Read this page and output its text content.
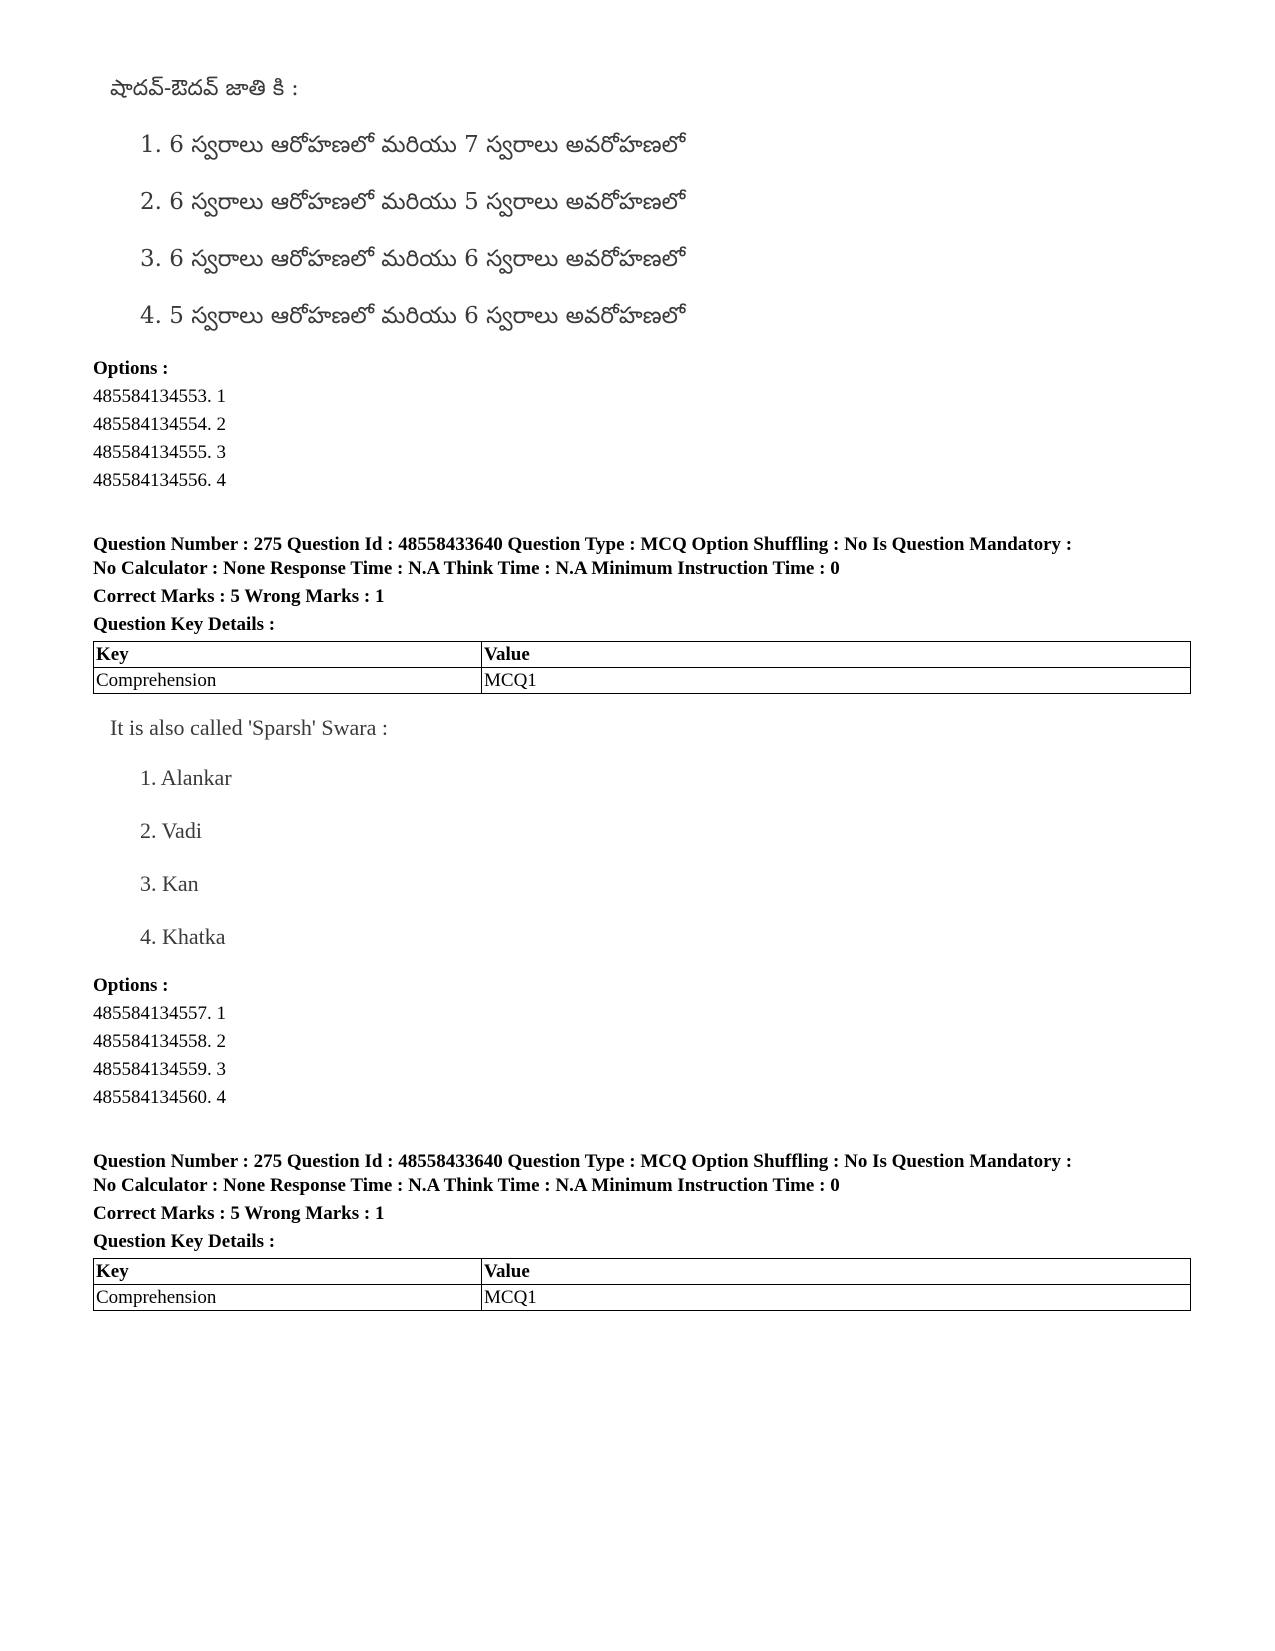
షాదవ్-ఔదవ్ జాతి కి :
1. 6 స్వరాలు ఆరోహణలో మరియు 7 స్వరాలు అవరోహణలో
2. 6 స్వరాలు ఆరోహణలో మరియు 5 స్వరాలు అవరోహణలో
3. 6 స్వరాలు ఆరోహణలో మరియు 6 స్వరాలు అవరోహణలో
4. 5 స్వరాలు ఆరోహణలో మరియు 6 స్వరాలు అవరోహణలో
Options :
485584134553. 1
485584134554. 2
485584134555. 3
485584134556. 4
Question Number : 275 Question Id : 48558433640 Question Type : MCQ Option Shuffling : No Is Question Mandatory :
No Calculator : None Response Time : N.A Think Time : N.A Minimum Instruction Time : 0
Correct Marks : 5 Wrong Marks : 1
Question Key Details :
Key	Value
Comprehension	MCQ1
It is also called 'Sparsh' Swara :
1. Alankar
2. Vadi
3. Kan
4. Khatka
Options :
485584134557. 1
485584134558. 2
485584134559. 3
485584134560. 4
Question Number : 275 Question Id : 48558433640 Question Type : MCQ Option Shuffling : No Is Question Mandatory :
No Calculator : None Response Time : N.A Think Time : N.A Minimum Instruction Time : 0
Correct Marks : 5 Wrong Marks : 1
Question Key Details :
Key	Value
Comprehension	MCQ1
